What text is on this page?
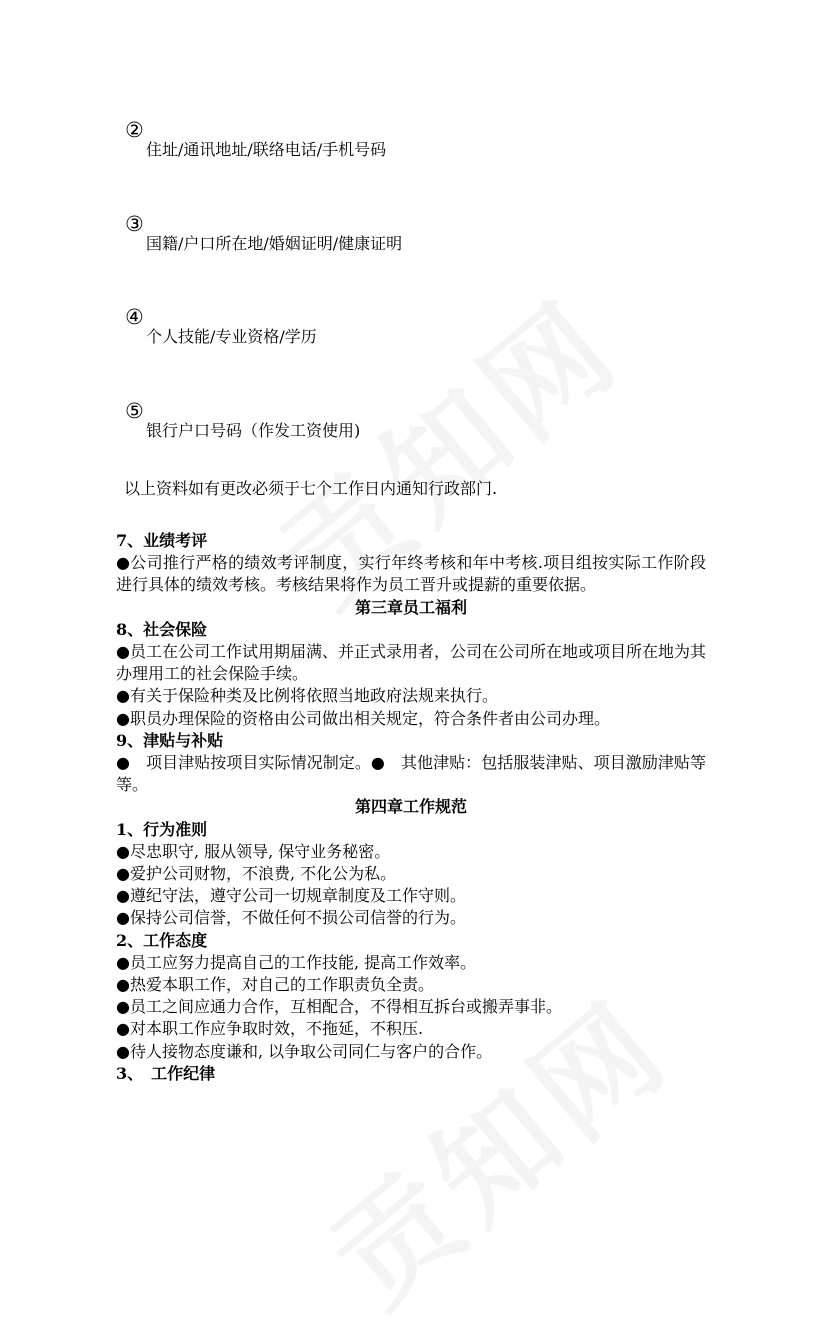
②
住址/通讯地址/联络电话/手机号码
③
国籍/户口所在地/婚姻证明/健康证明
④
个人技能/专业资格/学历
⑤
银行户口号码（作发工资使用)
以上资料如有更改必须于七个工作日内通知行政部门.

7、业绩考评

●公司推行严格的绩效考评制度，实行年终考核和年中考核.项目组按实际工作阶段进行具体的绩效考核。考核结果将作为员工晋升或提薪的重要依据。

第三章员工福利

8、社会保险

●员工在公司工作试用期届满、并正式录用者，公司在公司所在地或项目所在地为其办理用工的社会保险手续。

●有关于保险种类及比例将依照当地政府法规来执行。

●职员办理保险的资格由公司做出相关规定，符合条件者由公司办理。

9、津贴与补贴

●　项目津贴按项目实际情况制定。●　其他津贴：包括服装津贴、项目激励津贴等等。

第四章工作规范

1、行为准则

●尽忠职守, 服从领导, 保守业务秘密。

●爱护公司财物，不浪费, 不化公为私。

●遵纪守法，遵守公司一切规章制度及工作守则。

●保持公司信誉，不做任何不损公司信誉的行为。

2、工作态度

●员工应努力提高自己的工作技能, 提高工作效率。

●热爱本职工作，对自己的工作职责负全责。

●员工之间应通力合作，互相配合，不得相互拆台或搬弄事非。

●对本职工作应争取时效，不拖延，不积压.

●待人接物态度谦和, 以争取公司同仁与客户的合作。

3、　工作纪律
